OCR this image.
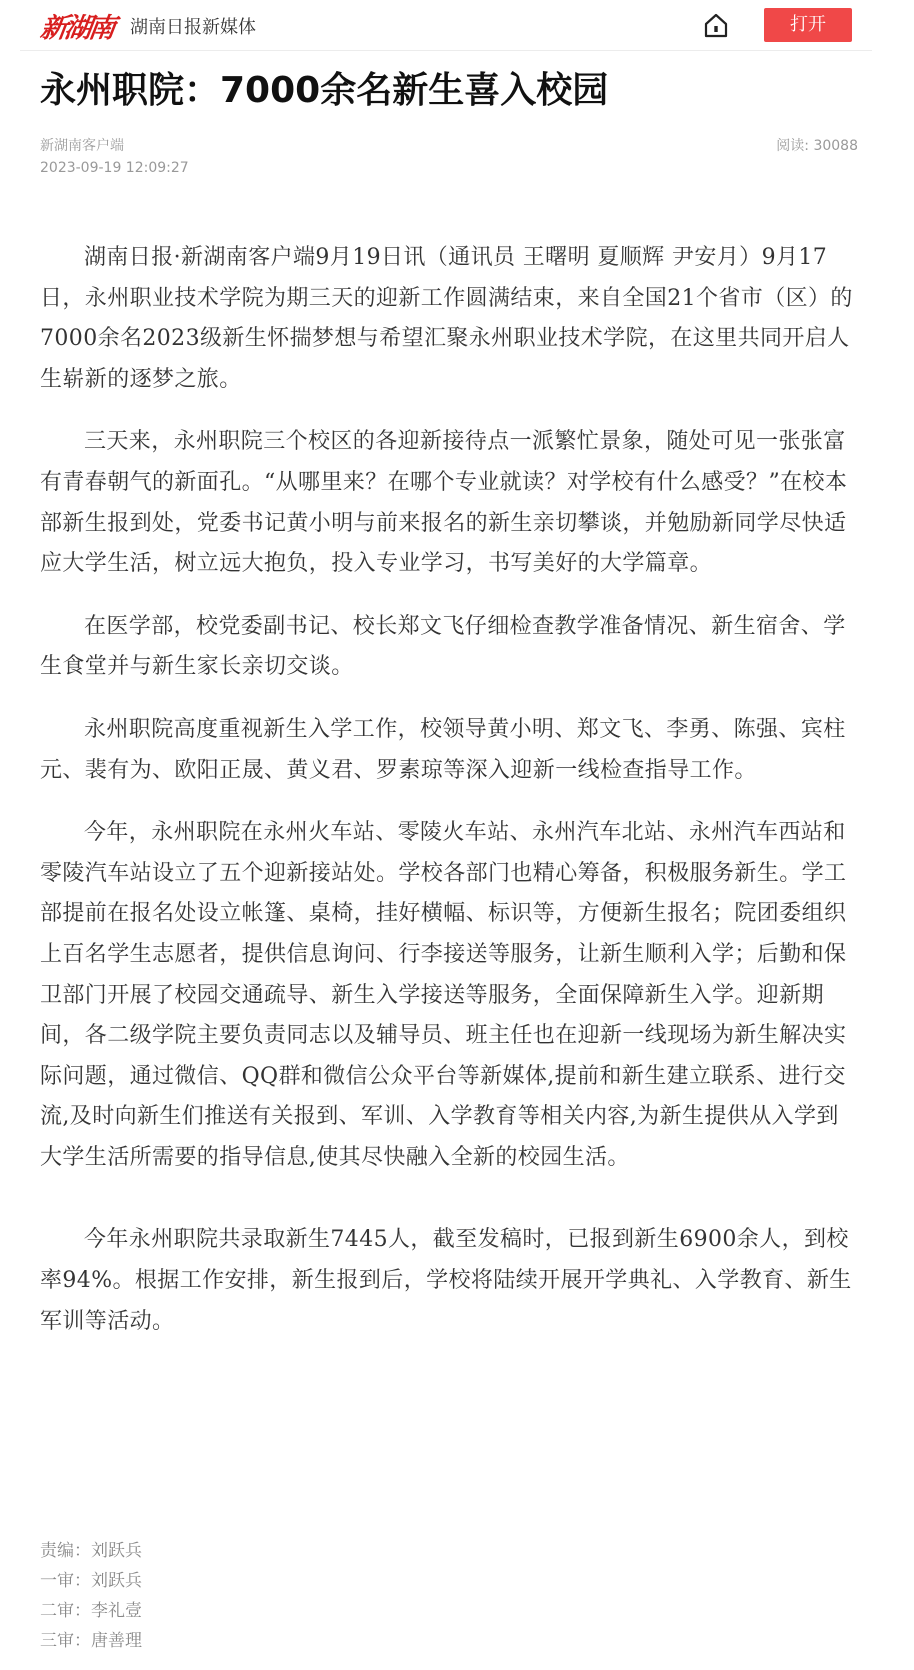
新湖南 湖南日报新媒体	打开
永州职院：7000余名新生喜入校园
新湖南客户端
2023-09-19 12:09:27
阅读: 30088

湖南日报·新湖南客户端9月19日讯（通讯员 王曙明 夏顺辉 尹安月）9月17日，永州职业技术学院为期三天的迎新工作圆满结束，来自全国21个省市（区）的7000余名2023级新生怀揣梦想与希望汇聚永州职业技术学院，在这里共同开启人生崭新的逐梦之旅。

三天来，永州职院三个校区的各迎新接待点一派繁忙景象，随处可见一张张富有青春朝气的新面孔。“从哪里来？在哪个专业就读？对学校有什么感受？”在校本部新生报到处，党委书记黄小明与前来报名的新生亲切攀谈，并勉励新同学尽快适应大学生活，树立远大抱负，投入专业学习，书写美好的大学篇章。

在医学部，校党委副书记、校长郑文飞仔细检查教学准备情况、新生宿舍、学生食堂并与新生家长亲切交谈。

永州职院高度重视新生入学工作，校领导黄小明、郑文飞、李勇、陈强、宾柱元、裴有为、欧阳正晟、黄义君、罗素琼等深入迎新一线检查指导工作。

今年，永州职院在永州火车站、零陵火车站、永州汽车北站、永州汽车西站和零陵汽车站设立了五个迎新接站处。学校各部门也精心筹备，积极服务新生。学工部提前在报名处设立帐篷、桌椅，挂好横幅、标识等，方便新生报名；院团委组织上百名学生志愿者，提供信息询问、行李接送等服务，让新生顺利入学；后勤和保卫部门开展了校园交通疏导、新生入学接送等服务，全面保障新生入学。迎新期间，各二级学院主要负责同志以及辅导员、班主任也在迎新一线现场为新生解决实际问题，通过微信、QQ群和微信公众平台等新媒体,提前和新生建立联系、进行交流,及时向新生们推送有关报到、军训、入学教育等相关内容,为新生提供从入学到大学生活所需要的指导信息,使其尽快融入全新的校园生活。

今年永州职院共录取新生7445人，截至发稿时，已报到新生6900余人，到校率94%。根据工作安排，新生报到后，学校将陆续开展开学典礼、入学教育、新生军训等活动。

责编：刘跃兵
一审：刘跃兵
二审：李礼壹
三审：唐善理
